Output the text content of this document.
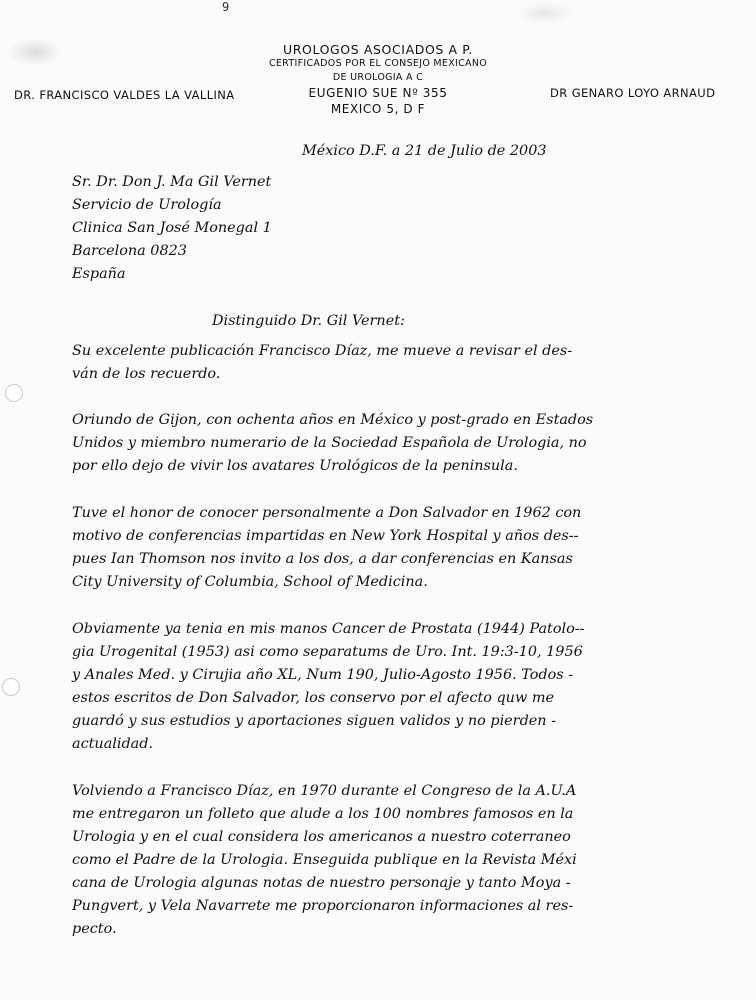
9
UROLOGOS ASOCIADOS A P.
CERTIFICADOS POR EL CONSEJO MEXICANO
DE UROLOGIA A C
EUGENIO SUE Nº 355
MEXICO 5, D F
DR. FRANCISCO VALDES LA VALLINA	DR GENARO LOYO ARNAUD
México D.F. a 21 de Julio de 2003
Sr. Dr. Don J. Ma Gil Vernet
Servicio de Urología
Clinica San José Monegal 1
Barcelona 0823
España
Distinguido Dr. Gil Vernet:
Su excelente publicación Francisco Díaz, me mueve a revisar el des-
ván de los recuerdo.
Oriundo de Gijon, con ochenta años en México y post-grado en Estados
Unidos y miembro numerario de la Sociedad Española de Urologia, no
por ello dejo de vivir los avatares Urológicos de la peninsula.
Tuve el honor de conocer personalmente a Don Salvador en 1962 con
motivo de conferencias impartidas en New York Hospital y años des--
pues Ian Thomson nos invito a los dos, a dar conferencias en Kansas
City University of Columbia, School of Medicina.
Obviamente ya tenia en mis manos Cancer de Prostata (1944) Patolo--
gia Urogenital (1953) asi como separatums de Uro. Int. 19:3-10, 1956
y Anales Med. y Cirujia año XL, Num 190, Julio-Agosto 1956. Todos -
estos escritos de Don Salvador, los conservo por el afecto quw me
guardó y sus estudios y aportaciones siguen validos y no pierden -
actualidad.
Volviendo a Francisco Díaz, en 1970 durante el Congreso de la A.U.A
me entregaron un folleto que alude a los 100 nombres famosos en la
Urologia y en el cual considera los americanos a nuestro coterraneo
como el Padre de la Urologia. Enseguida publique en la Revista Méxi
cana de Urologia algunas notas de nuestro personaje y tanto Moya -
Pungvert, y Vela Navarrete me proporcionaron informaciones al res-
pecto.
